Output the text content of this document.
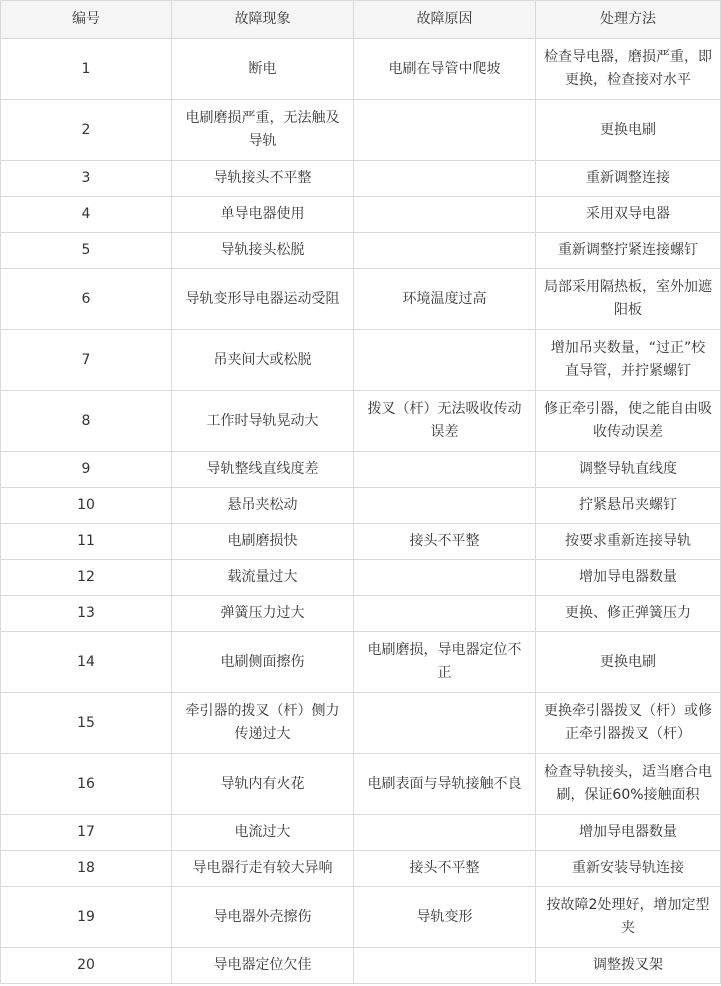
编号	故障现象	故障原因	处理方法
1	断电	电刷在导管中爬坡	检查导电器，磨损严重，即更换，检查接对水平
2	电刷磨损严重，无法触及导轨		更换电刷
3	导轨接头不平整		重新调整连接
4	单导电器使用		采用双导电器
5	导轨接头松脱		重新调整拧紧连接螺钉
6	导轨变形导电器运动受阻	环境温度过高	局部采用隔热板，室外加遮阳板
7	吊夹间大或松脱		增加吊夹数量，“过正”校直导管，并拧紧螺钉
8	工作时导轨晃动大	拨叉（杆）无法吸收传动误差	修正牵引器，使之能自由吸收传动误差
9	导轨整线直线度差		调整导轨直线度
10	悬吊夹松动		拧紧悬吊夹螺钉
11	电刷磨损快	接头不平整	按要求重新连接导轨
12	载流量过大		增加导电器数量
13	弹簧压力过大		更换、修正弹簧压力
14	电刷侧面擦伤	电刷磨损，导电器定位不正	更换电刷
15	牵引器的拨叉（杆）侧力传递过大		更换牵引器拨叉（杆）或修正牵引器拨叉（杆）
16	导轨内有火花	电刷表面与导轨接触不良	检查导轨接头，适当磨合电刷，保证60%接触面积
17	电流过大		增加导电器数量
18	导电器行走有较大异响	接头不平整	重新安装导轨连接
19	导电器外壳擦伤	导轨变形	按故障2处理好，增加定型夹
20	导电器定位欠佳		调整拨叉架
